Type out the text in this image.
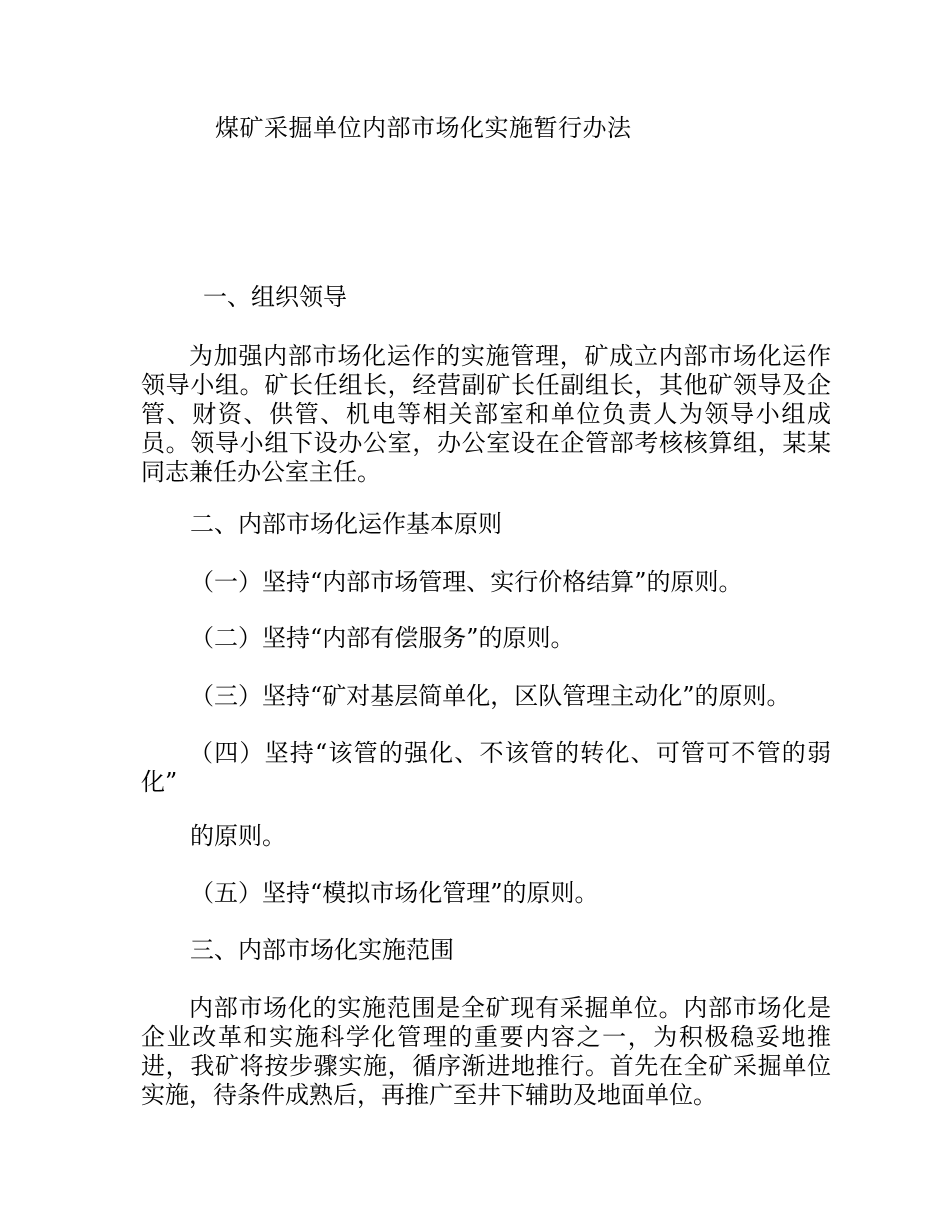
煤矿采掘单位内部市场化实施暂行办法
一、组织领导
为加强内部市场化运作的实施管理，矿成立内部市场化运作领导小组。矿长任组长，经营副矿长任副组长，其他矿领导及企管、财资、供管、机电等相关部室和单位负责人为领导小组成员。领导小组下设办公室，办公室设在企管部考核核算组，某某同志兼任办公室主任。
二、内部市场化运作基本原则
（一）坚持“内部市场管理、实行价格结算”的原则。
（二）坚持“内部有偿服务”的原则。
（三）坚持“矿对基层简单化，区队管理主动化”的原则。
（四）坚持“该管的强化、不该管的转化、可管可不管的弱化”
的原则。
（五）坚持“模拟市场化管理”的原则。
三、内部市场化实施范围
内部市场化的实施范围是全矿现有采掘单位。内部市场化是企业改革和实施科学化管理的重要内容之一，为积极稳妥地推进，我矿将按步骤实施，循序渐进地推行。首先在全矿采掘单位实施，待条件成熟后，再推广至井下辅助及地面单位。
